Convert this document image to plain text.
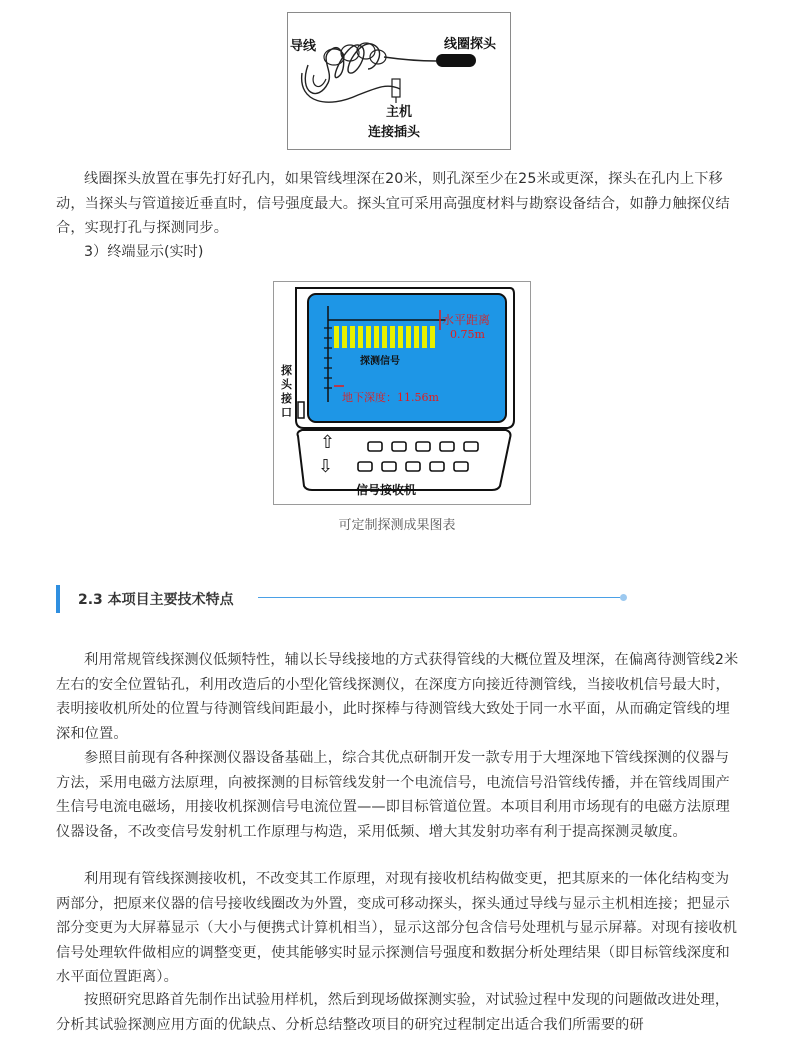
导线	线圈探头
主机
连接插头

线圈探头放置在事先打好孔内，如果管线埋深在20米，则孔深至少在25米或更深，探头在孔内上下移动，当探头与管道接近垂直时，信号强度最大。探头宜可采用高强度材料与勘察设备结合，如静力触探仪结合，实现打孔与探测同步。

3）终端显示(实时)

水平距离
0.75m
探测信号
地下深度：11.56m
探头接口
⇧
⇩
信号接收机
可定制探测成果图表
2.3 本项目主要技术特点

利用常规管线探测仪低频特性，辅以长导线接地的方式获得管线的大概位置及埋深，在偏离待测管线2米左右的安全位置钻孔，利用改造后的小型化管线探测仪，在深度方向接近待测管线，当接收机信号最大时，表明接收机所处的位置与待测管线间距最小，此时探棒与待测管线大致处于同一水平面，从而确定管线的埋深和位置。

参照目前现有各种探测仪器设备基础上，综合其优点研制开发一款专用于大埋深地下管线探测的仪器与方法，采用电磁方法原理，向被探测的目标管线发射一个电流信号，电流信号沿管线传播，并在管线周围产生信号电流电磁场，用接收机探测信号电流位置——即目标管道位置。本项目利用市场现有的电磁方法原理仪器设备，不改变信号发射机工作原理与构造，采用低频、增大其发射功率有利于提高探测灵敏度。

利用现有管线探测接收机，不改变其工作原理，对现有接收机结构做变更，把其原来的一体化结构变为两部分，把原来仪器的信号接收线圈改为外置，变成可移动探头，探头通过导线与显示主机相连接；把显示部分变更为大屏幕显示（大小与便携式计算机相当），显示这部分包含信号处理机与显示屏幕。对现有接收机信号处理软件做相应的调整变更，使其能够实时显示探测信号强度和数据分析处理结果（即目标管线深度和水平面位置距离）。

按照研究思路首先制作出试验用样机，然后到现场做探测实验，对试验过程中发现的问题做改进处理，分析其试验探测应用方面的优缺点、分析总结整改项目的研究过程制定出适合我们所需要的研
